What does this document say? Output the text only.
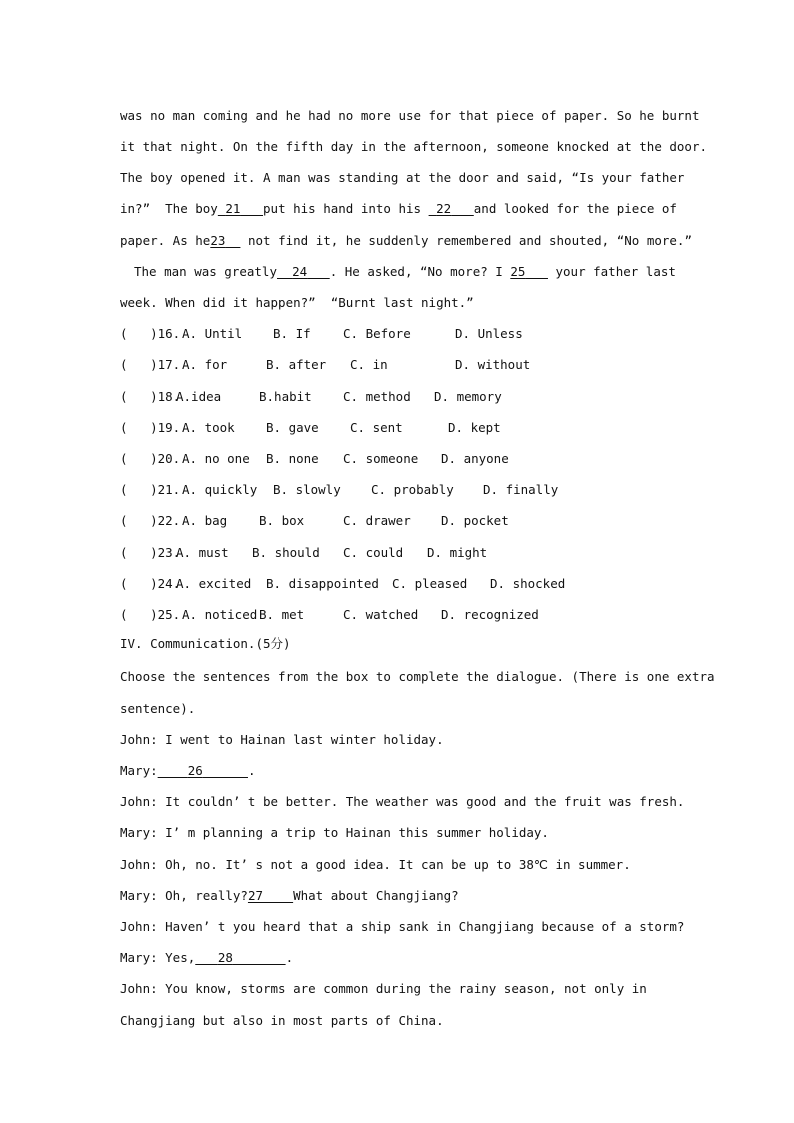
was no man coming and he had no more use for that piece of paper. So he burnt
it that night. On the fifth day in the afternoon, someone knocked at the door.
The boy opened it. A man was standing at the door and said, “Is your father
in?”  The boy 21 put his hand into his  22 and looked for the piece of
paper. As he23   not find it, he suddenly remembered and shouted, “No more.”
The man was greatly 24 . He asked, “No more? I 25    your father last
week. When did it happen?”  “Burnt last night.”
(   )16. A. Until B. If	C. Before	D. Unless
(   )17. A. for	B. after C. in	D. without
(   )18.
A.idea	B.habit	C. method D. memory
(   )19. A. took	B. gave	C. sent	D. kept
(   )20. A. no one B. none C. someone D. anyone
(   )21. A. quickly B. slowly C. probably D. finally
(   )22. A. bag	B. box	C. drawer D. pocket
(   )23.
A. must B. should C. could D. might
(   )24.
A. excited B. disappointed C. pleased D. shocked
(   )25. A. noticed B. met	C. watched D. recognized
IV. Communication.(5分)
Choose the sentences from the box to complete the dialogue. (There is one extra
sentence).
John: I went to Hainan last winter holiday.
Mary: 26	.
John: It couldn’ t be better. The weather was good and the fruit was fresh.
Mary: I’ m planning a trip to Hainan this summer holiday.
John: Oh, no. It’ s not a good idea. It can be up to 38℃ in summer.
Mary: Oh, really?27 What about Changjiang?
John: Haven’ t you heard that a ship sank in Changjiang because of a storm?
Mary: Yes, 28	.
John: You know, storms are common during the rainy season, not only in
Changjiang but also in most parts of China.
